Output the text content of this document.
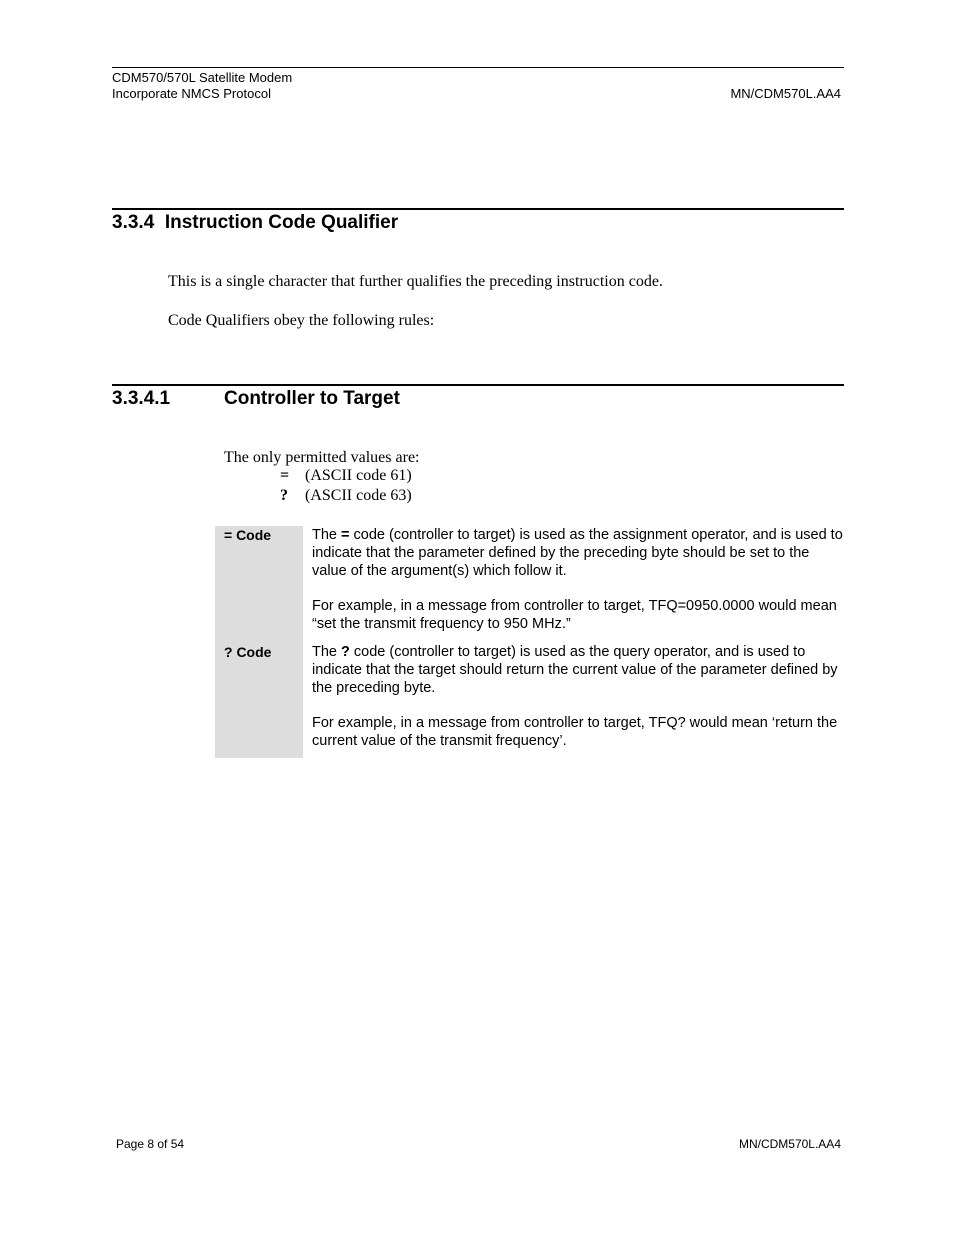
CDM570/570L Satellite Modem
Incorporate NMCS Protocol	MN/CDM570L.AA4
3.3.4  Instruction Code Qualifier
This is a single character that further qualifies the preceding instruction code.
Code Qualifiers obey the following rules:
3.3.4.1	Controller to Target
The only permitted values are:
= (ASCII code 61)
? (ASCII code 63)
= Code	The = code (controller to target) is used as the assignment operator, and is used to indicate that the parameter defined by the preceding byte should be set to the value of the argument(s) which follow it.

For example, in a message from controller to target, TFQ=0950.0000 would mean “set the transmit frequency to 950 MHz.”

? Code	The ? code (controller to target) is used as the query operator, and is used to indicate that the target should return the current value of the parameter defined by the preceding byte.

For example, in a message from controller to target, TFQ? would mean ‘return the current value of the transmit frequency’.

Page 8 of 54	MN/CDM570L.AA4
